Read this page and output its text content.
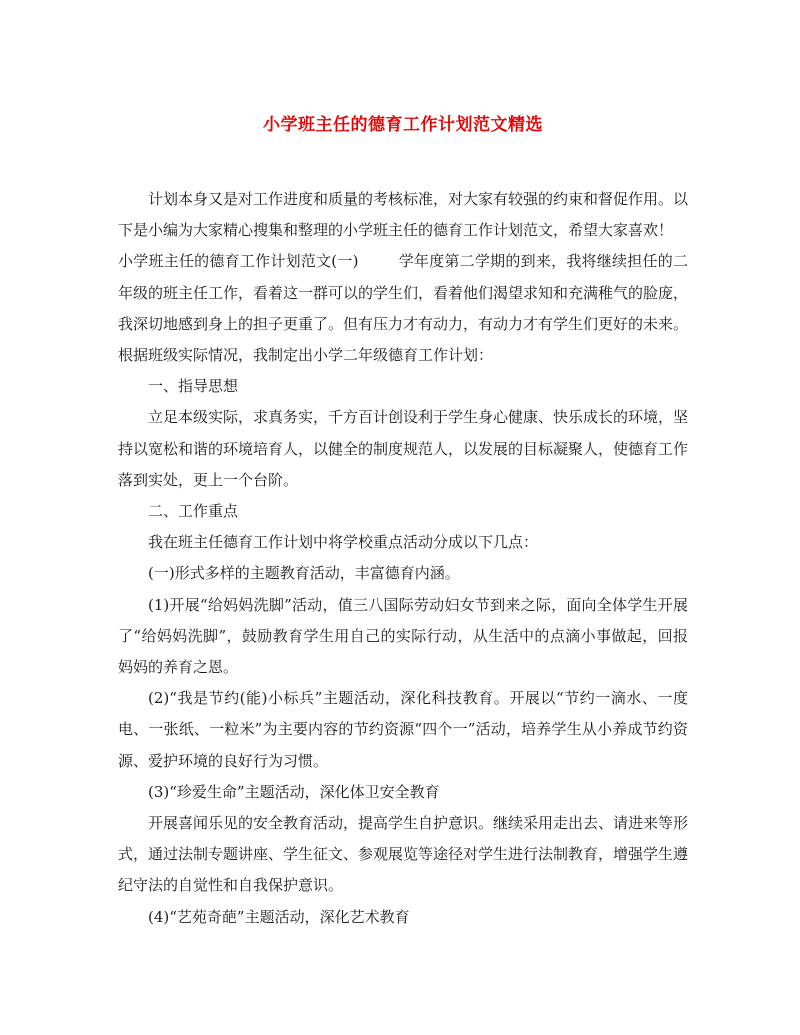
小学班主任的德育工作计划范文精选

计划本身又是对工作进度和质量的考核标准，对大家有较强的约束和督促作用。以下是小编为大家精心搜集和整理的小学班主任的德育工作计划范文，希望大家喜欢！

小学班主任的德育工作计划范文(一)	学年度第二学期的到来，我将继续担任的二年级的班主任工作，看着这一群可以的学生们，看着他们渴望求知和充满稚气的脸庞，我深切地感到身上的担子更重了。但有压力才有动力，有动力才有学生们更好的未来。根据班级实际情况，我制定出小学二年级德育工作计划：

一、指导思想

立足本级实际，求真务实，千方百计创设利于学生身心健康、快乐成长的环境，坚持以宽松和谐的环境培育人，以健全的制度规范人，以发展的目标凝聚人，使德育工作落到实处，更上一个台阶。

二、工作重点

我在班主任德育工作计划中将学校重点活动分成以下几点：

(一)形式多样的主题教育活动，丰富德育内涵。

(1)开展“给妈妈洗脚”活动，值三八国际劳动妇女节到来之际，面向全体学生开展了“给妈妈洗脚”，鼓励教育学生用自己的实际行动，从生活中的点滴小事做起，回报妈妈的养育之恩。

(2)“我是节约(能)小标兵”主题活动，深化科技教育。开展以“节约一滴水、一度电、一张纸、一粒米”为主要内容的节约资源“四个一”活动，培养学生从小养成节约资源、爱护环境的良好行为习惯。

(3)“珍爱生命”主题活动，深化体卫安全教育

开展喜闻乐见的安全教育活动，提高学生自护意识。继续采用走出去、请进来等形式，通过法制专题讲座、学生征文、参观展览等途径对学生进行法制教育，增强学生遵纪守法的自觉性和自我保护意识。

(4)“艺苑奇葩”主题活动，深化艺术教育
